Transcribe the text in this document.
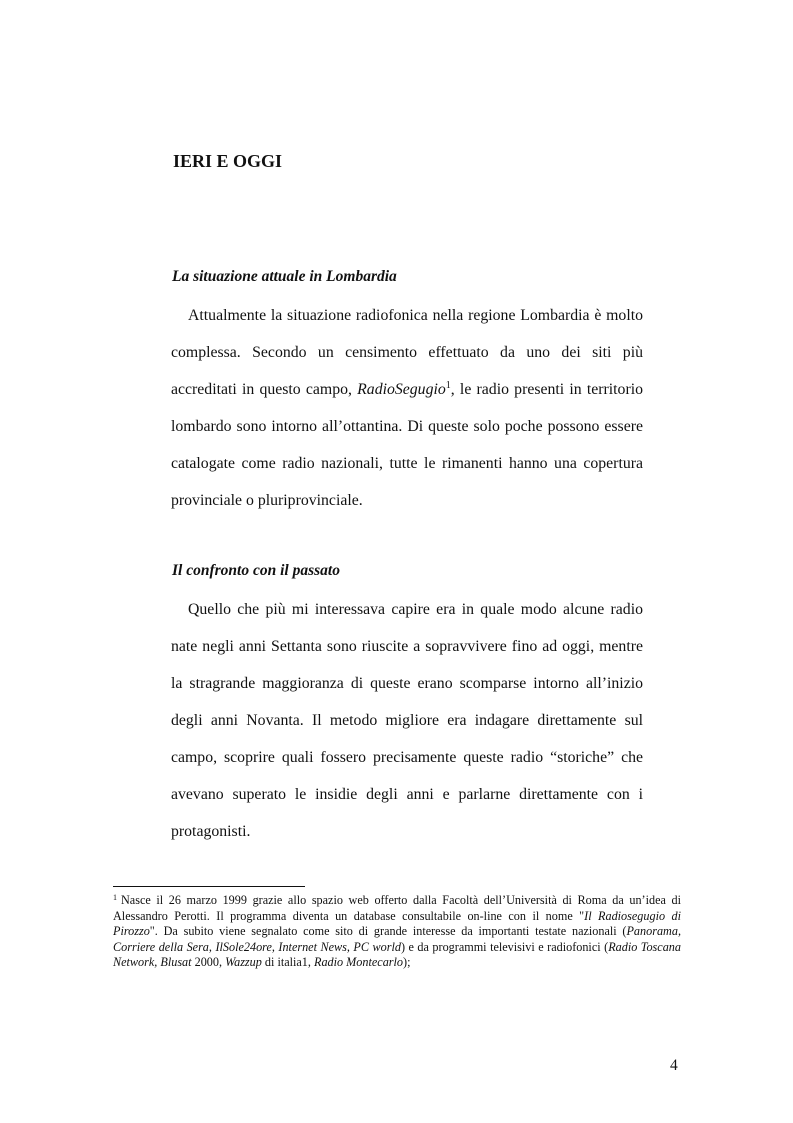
IERI E OGGI
La situazione attuale in Lombardia

Attualmente la situazione radiofonica nella regione Lombardia è molto complessa. Secondo un censimento effettuato da uno dei siti più accreditati in questo campo, RadioSegugio$^1$, le radio presenti in territorio lombardo sono intorno all’ottantina. Di queste solo poche possono essere catalogate come radio nazionali, tutte le rimanenti hanno una copertura provinciale o pluriprovinciale.

Il confronto con il passato

Quello che più mi interessava capire era in quale modo alcune radio nate negli anni Settanta sono riuscite a sopravvivere fino ad oggi, mentre la stragrande maggioranza di queste erano scomparse intorno all’inizio degli anni Novanta. Il metodo migliore era indagare direttamente sul campo, scoprire quali fossero precisamente queste radio “storiche” che avevano superato le insidie degli anni e parlarne direttamente con i protagonisti.

$^1$ Nasce il 26 marzo 1999 grazie allo spazio web offerto dalla Facoltà dell’Università di Roma da un’idea di Alessandro Perotti. Il programma diventa un database consultabile on-line con il nome "Il Radiosegugio di Pirozzo". Da subito viene segnalato come sito di grande interesse da importanti testate nazionali (Panorama, Corriere della Sera, IlSole24ore, Internet News, PC world) e da programmi televisivi e radiofonici (Radio Toscana Network, Blusat 2000, Wazzup di italia1, Radio Montecarlo);

4
